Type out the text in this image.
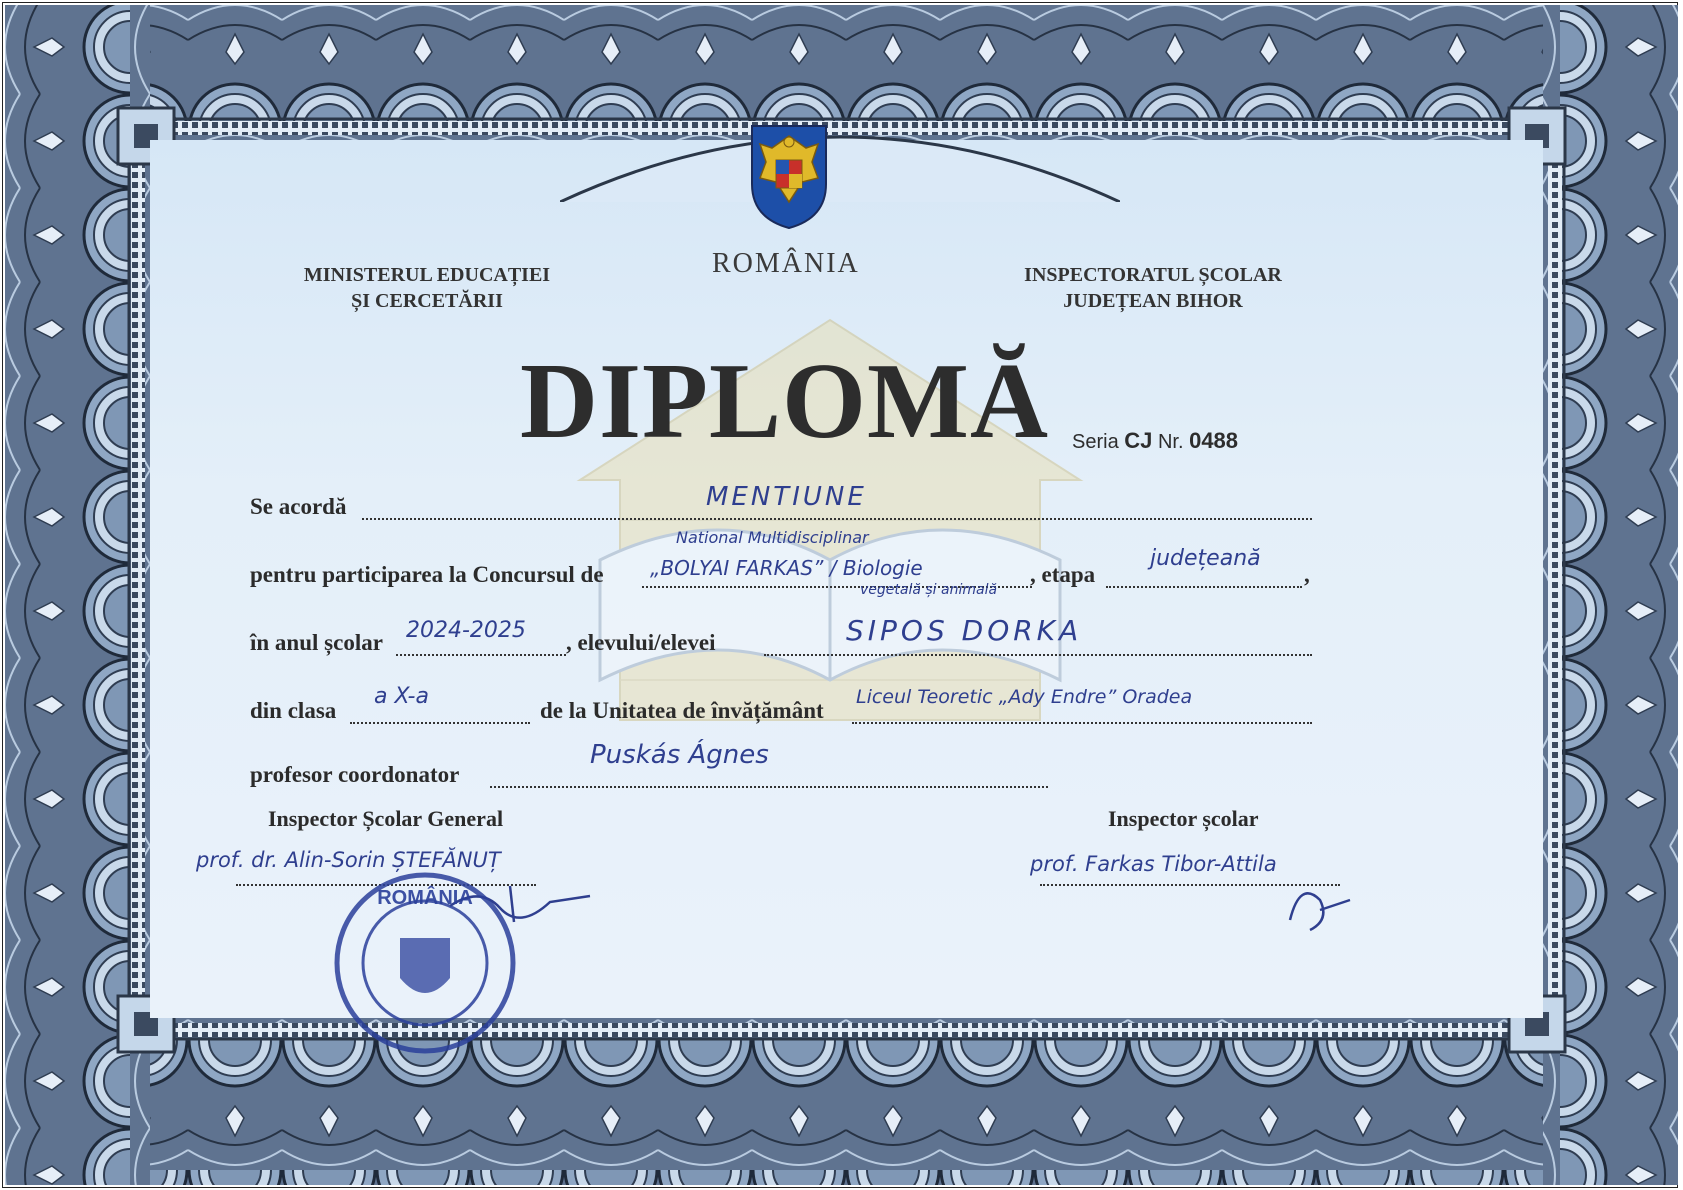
ROMÂNIA
MINISTERUL EDUCAȚIEI
ȘI CERCETĂRII
INSPECTORATUL ȘCOLAR
JUDEȚEAN BIHOR
DIPLOMĂ Seria CJ Nr. 0488
Se acordă	MENTIUNE
pentru participarea la Concursul de
National Multidisciplinar
„BOLYAI FARKAS” / Biologie
vegetală și animală
, etapa
județeană
,
în anul școlar 2024-2025 , elevului/elevei	SIPOS DORKA
din clasa
a X-a
de la Unitatea de învățământ
Liceul Teoretic „Ady Endre” Oradea
profesor coordonator
Puskás Ágnes
Inspector Școlar General
prof. dr. Alin-Sorin ȘTEFĂNUȚ
Inspector școlar
prof. Farkas Tibor-Attila
ROMÂNIA
